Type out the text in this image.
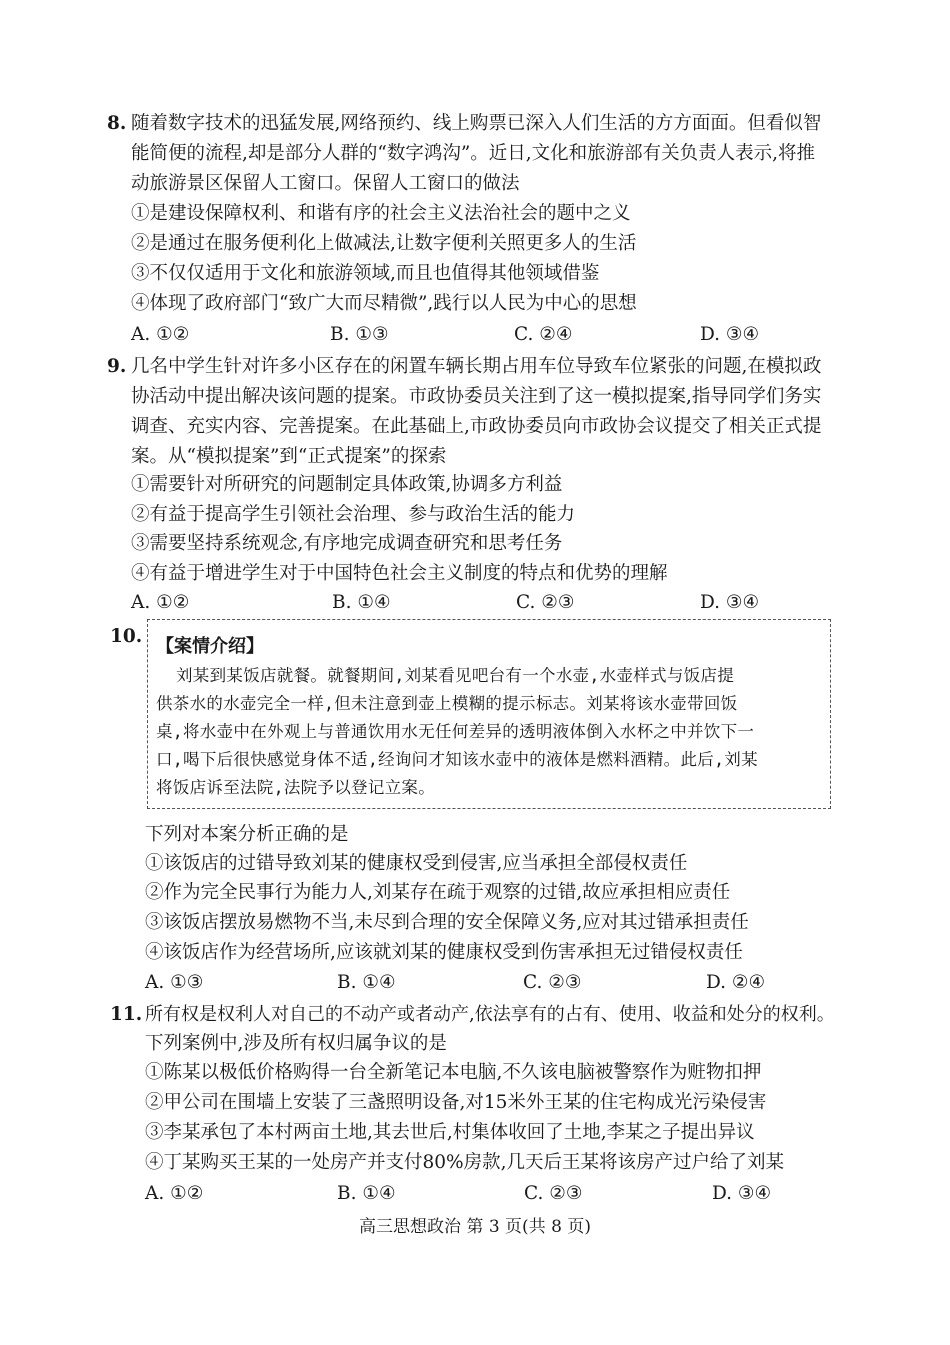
8. 随着数字技术的迅猛发展,网络预约、线上购票已深入人们生活的方方面面。但看似智
能简便的流程,却是部分人群的“数字鸿沟”。近日,文化和旅游部有关负责人表示,将推
动旅游景区保留人工窗口。保留人工窗口的做法
①是建设保障权利、和谐有序的社会主义法治社会的题中之义
②是通过在服务便利化上做减法,让数字便利关照更多人的生活
③不仅仅适用于文化和旅游领域,而且也值得其他领域借鉴
④体现了政府部门“致广大而尽精微”,践行以人民为中心的思想
A. ①②	B. ①③	C. ②④	D. ③④
9. 几名中学生针对许多小区存在的闲置车辆长期占用车位导致车位紧张的问题,在模拟政
协活动中提出解决该问题的提案。市政协委员关注到了这一模拟提案,指导同学们务实
调查、充实内容、完善提案。在此基础上,市政协委员向市政协会议提交了相关正式提
案。从“模拟提案”到“正式提案”的探索
①需要针对所研究的问题制定具体政策,协调多方利益
②有益于提高学生引领社会治理、参与政治生活的能力
③需要坚持系统观念,有序地完成调查研究和思考任务
④有益于增进学生对于中国特色社会主义制度的特点和优势的理解
A. ①②	B. ①④	C. ②③	D. ③④
10. 【案情介绍】
刘某到某饭店就餐。就餐期间,刘某看见吧台有一个水壶,水壶样式与饭店提
供茶水的水壶完全一样,但未注意到壶上模糊的提示标志。刘某将该水壶带回饭
桌,将水壶中在外观上与普通饮用水无任何差异的透明液体倒入水杯之中并饮下一
口,喝下后很快感觉身体不适,经询问才知该水壶中的液体是燃料酒精。此后,刘某
将饭店诉至法院,法院予以登记立案。
下列对本案分析正确的是
①该饭店的过错导致刘某的健康权受到侵害,应当承担全部侵权责任
②作为完全民事行为能力人,刘某存在疏于观察的过错,故应承担相应责任
③该饭店摆放易燃物不当,未尽到合理的安全保障义务,应对其过错承担责任
④该饭店作为经营场所,应该就刘某的健康权受到伤害承担无过错侵权责任
A. ①③	B. ①④	C. ②③	D. ②④
11. 所有权是权利人对自己的不动产或者动产,依法享有的占有、使用、收益和处分的权利。
下列案例中,涉及所有权归属争议的是
①陈某以极低价格购得一台全新笔记本电脑,不久该电脑被警察作为赃物扣押
②甲公司在围墙上安装了三盏照明设备,对15米外王某的住宅构成光污染侵害
③李某承包了本村两亩土地,其去世后,村集体收回了土地,李某之子提出异议
④丁某购买王某的一处房产并支付80%房款,几天后王某将该房产过户给了刘某
A. ①②	B. ①④	C. ②③	D. ③④
高三思想政治 第 3 页(共 8 页)
